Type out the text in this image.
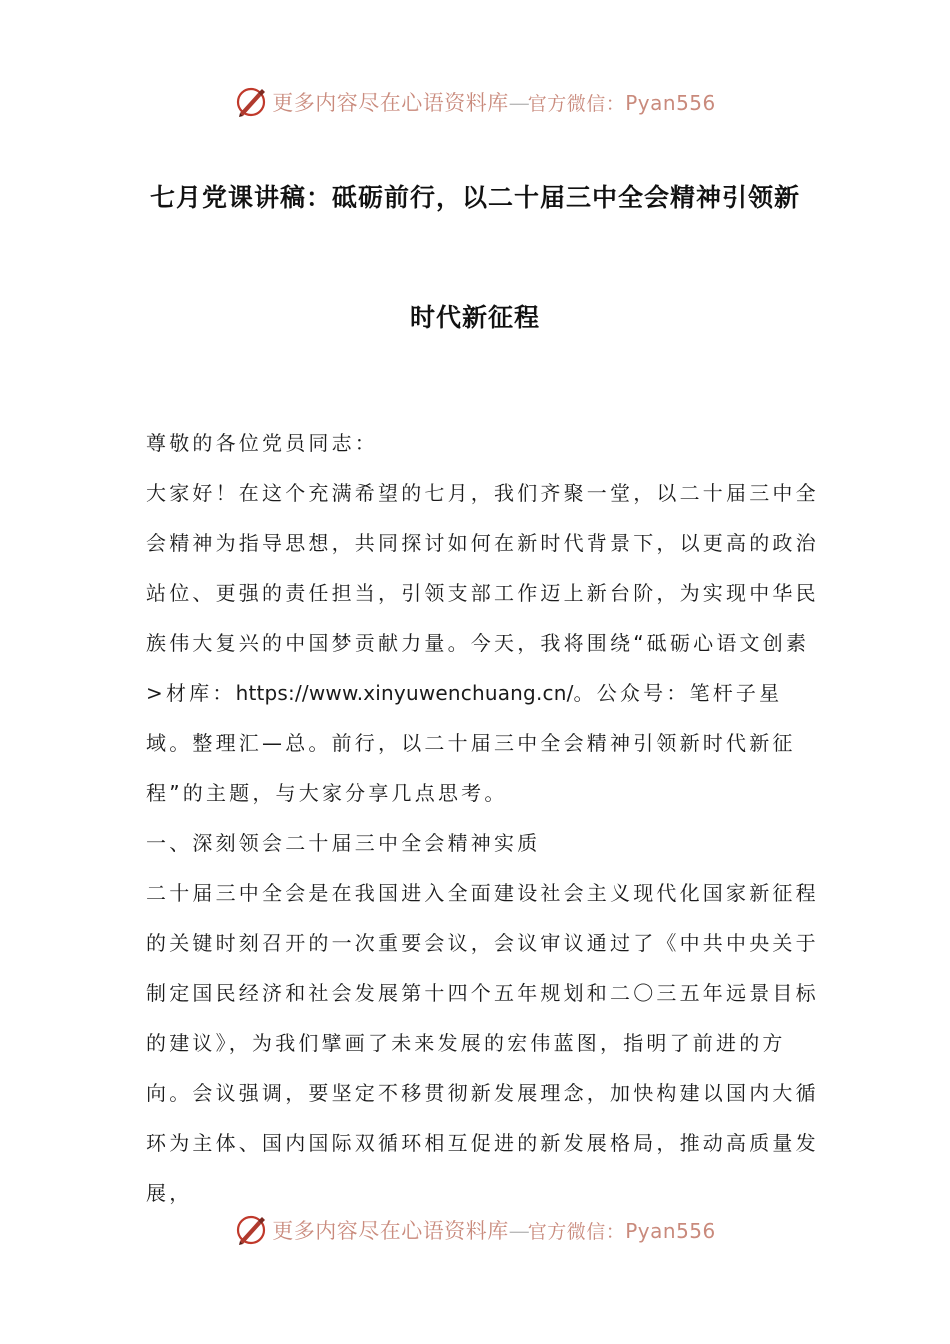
更多内容尽在心语资料库—官方微信：Pyan556
七月党课讲稿：砥砺前行，以二十届三中全会精神引领新
时代新征程

尊敬的各位党员同志：

大家好！在这个充满希望的七月，我们齐聚一堂，以二十届三中全会精神为指导思想，共同探讨如何在新时代背景下，以更高的政治站位、更强的责任担当，引领支部工作迈上新台阶，为实现中华民族伟大复兴的中国梦贡献力量。今天，我将围绕“砥砺心语文创素>材库：https://www.xinyuwenchuang.cn/。公众号：笔杆子星域。整理汇—总。前行，以二十届三中全会精神引领新时代新征程”的主题，与大家分享几点思考。

一、深刻领会二十届三中全会精神实质

二十届三中全会是在我国进入全面建设社会主义现代化国家新征程的关键时刻召开的一次重要会议，会议审议通过了《中共中央关于制定国民经济和社会发展第十四个五年规划和二〇三五年远景目标的建议》，为我们擘画了未来发展的宏伟蓝图，指明了前进的方向。会议强调，要坚定不移贯彻新发展理念，加快构建以国内大循环为主体、国内国际双循环相互促进的新发展格局，推动高质量发展，

更多内容尽在心语资料库—官方微信：Pyan556
